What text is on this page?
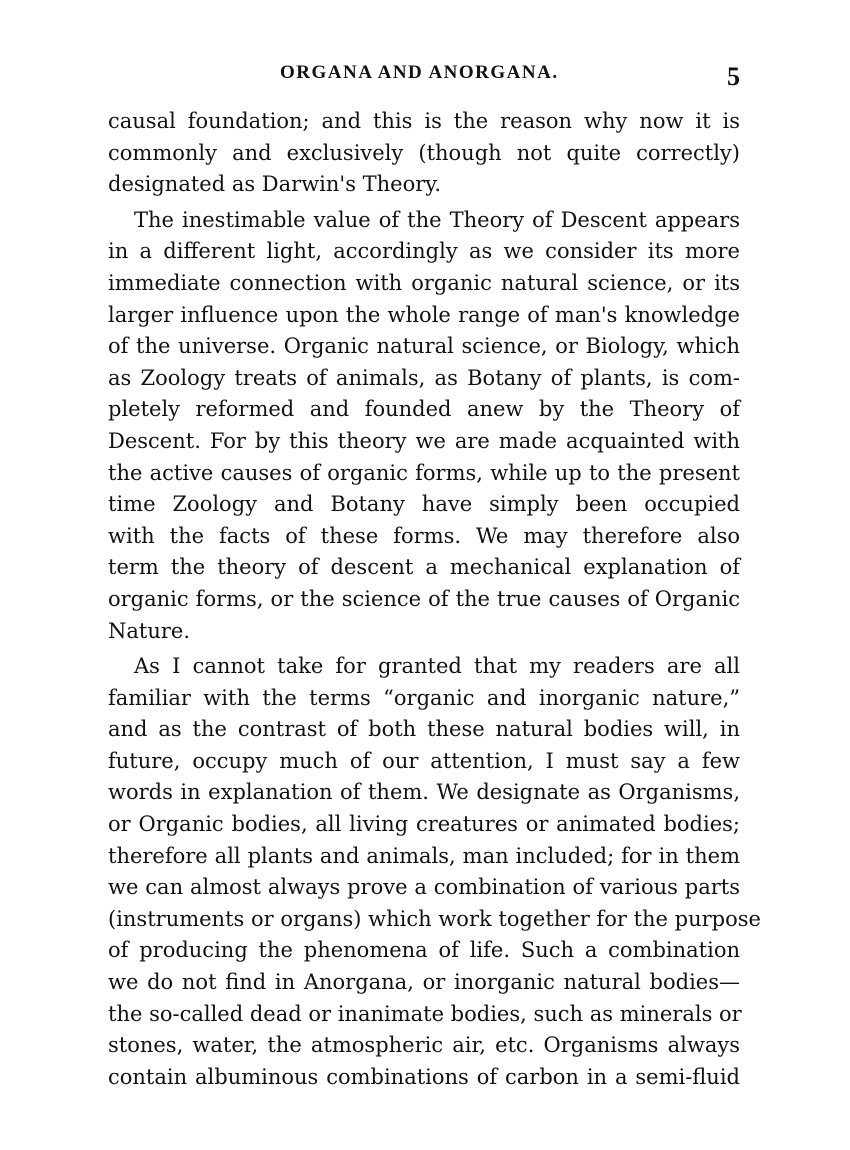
ORGANA AND ANORGANA.	5
causal foundation; and this is the reason why now it is
commonly and exclusively (though not quite correctly)
designated as Darwin's Theory.
The inestimable value of the Theory of Descent appears
in a different light, accordingly as we consider its more
immediate connection with organic natural science, or its
larger influence upon the whole range of man's knowledge
of the universe. Organic natural science, or Biology, which
as Zoology treats of animals, as Botany of plants, is com-
pletely reformed and founded anew by the Theory of
Descent. For by this theory we are made acquainted with
the active causes of organic forms, while up to the present
time Zoology and Botany have simply been occupied
with the facts of these forms. We may therefore also
term the theory of descent a mechanical explanation of
organic forms, or the science of the true causes of Organic
Nature.
As I cannot take for granted that my readers are all
familiar with the terms “organic and inorganic nature,”
and as the contrast of both these natural bodies will, in
future, occupy much of our attention, I must say a few
words in explanation of them. We designate as Organisms,
or Organic bodies, all living creatures or animated bodies;
therefore all plants and animals, man included; for in them
we can almost always prove a combination of various parts
(instruments or organs) which work together for the purpose
of producing the phenomena of life. Such a combination
we do not find in Anorgana, or inorganic natural bodies—
the so-called dead or inanimate bodies, such as minerals or
stones, water, the atmospheric air, etc. Organisms always
contain albuminous combinations of carbon in a semi-fluid
